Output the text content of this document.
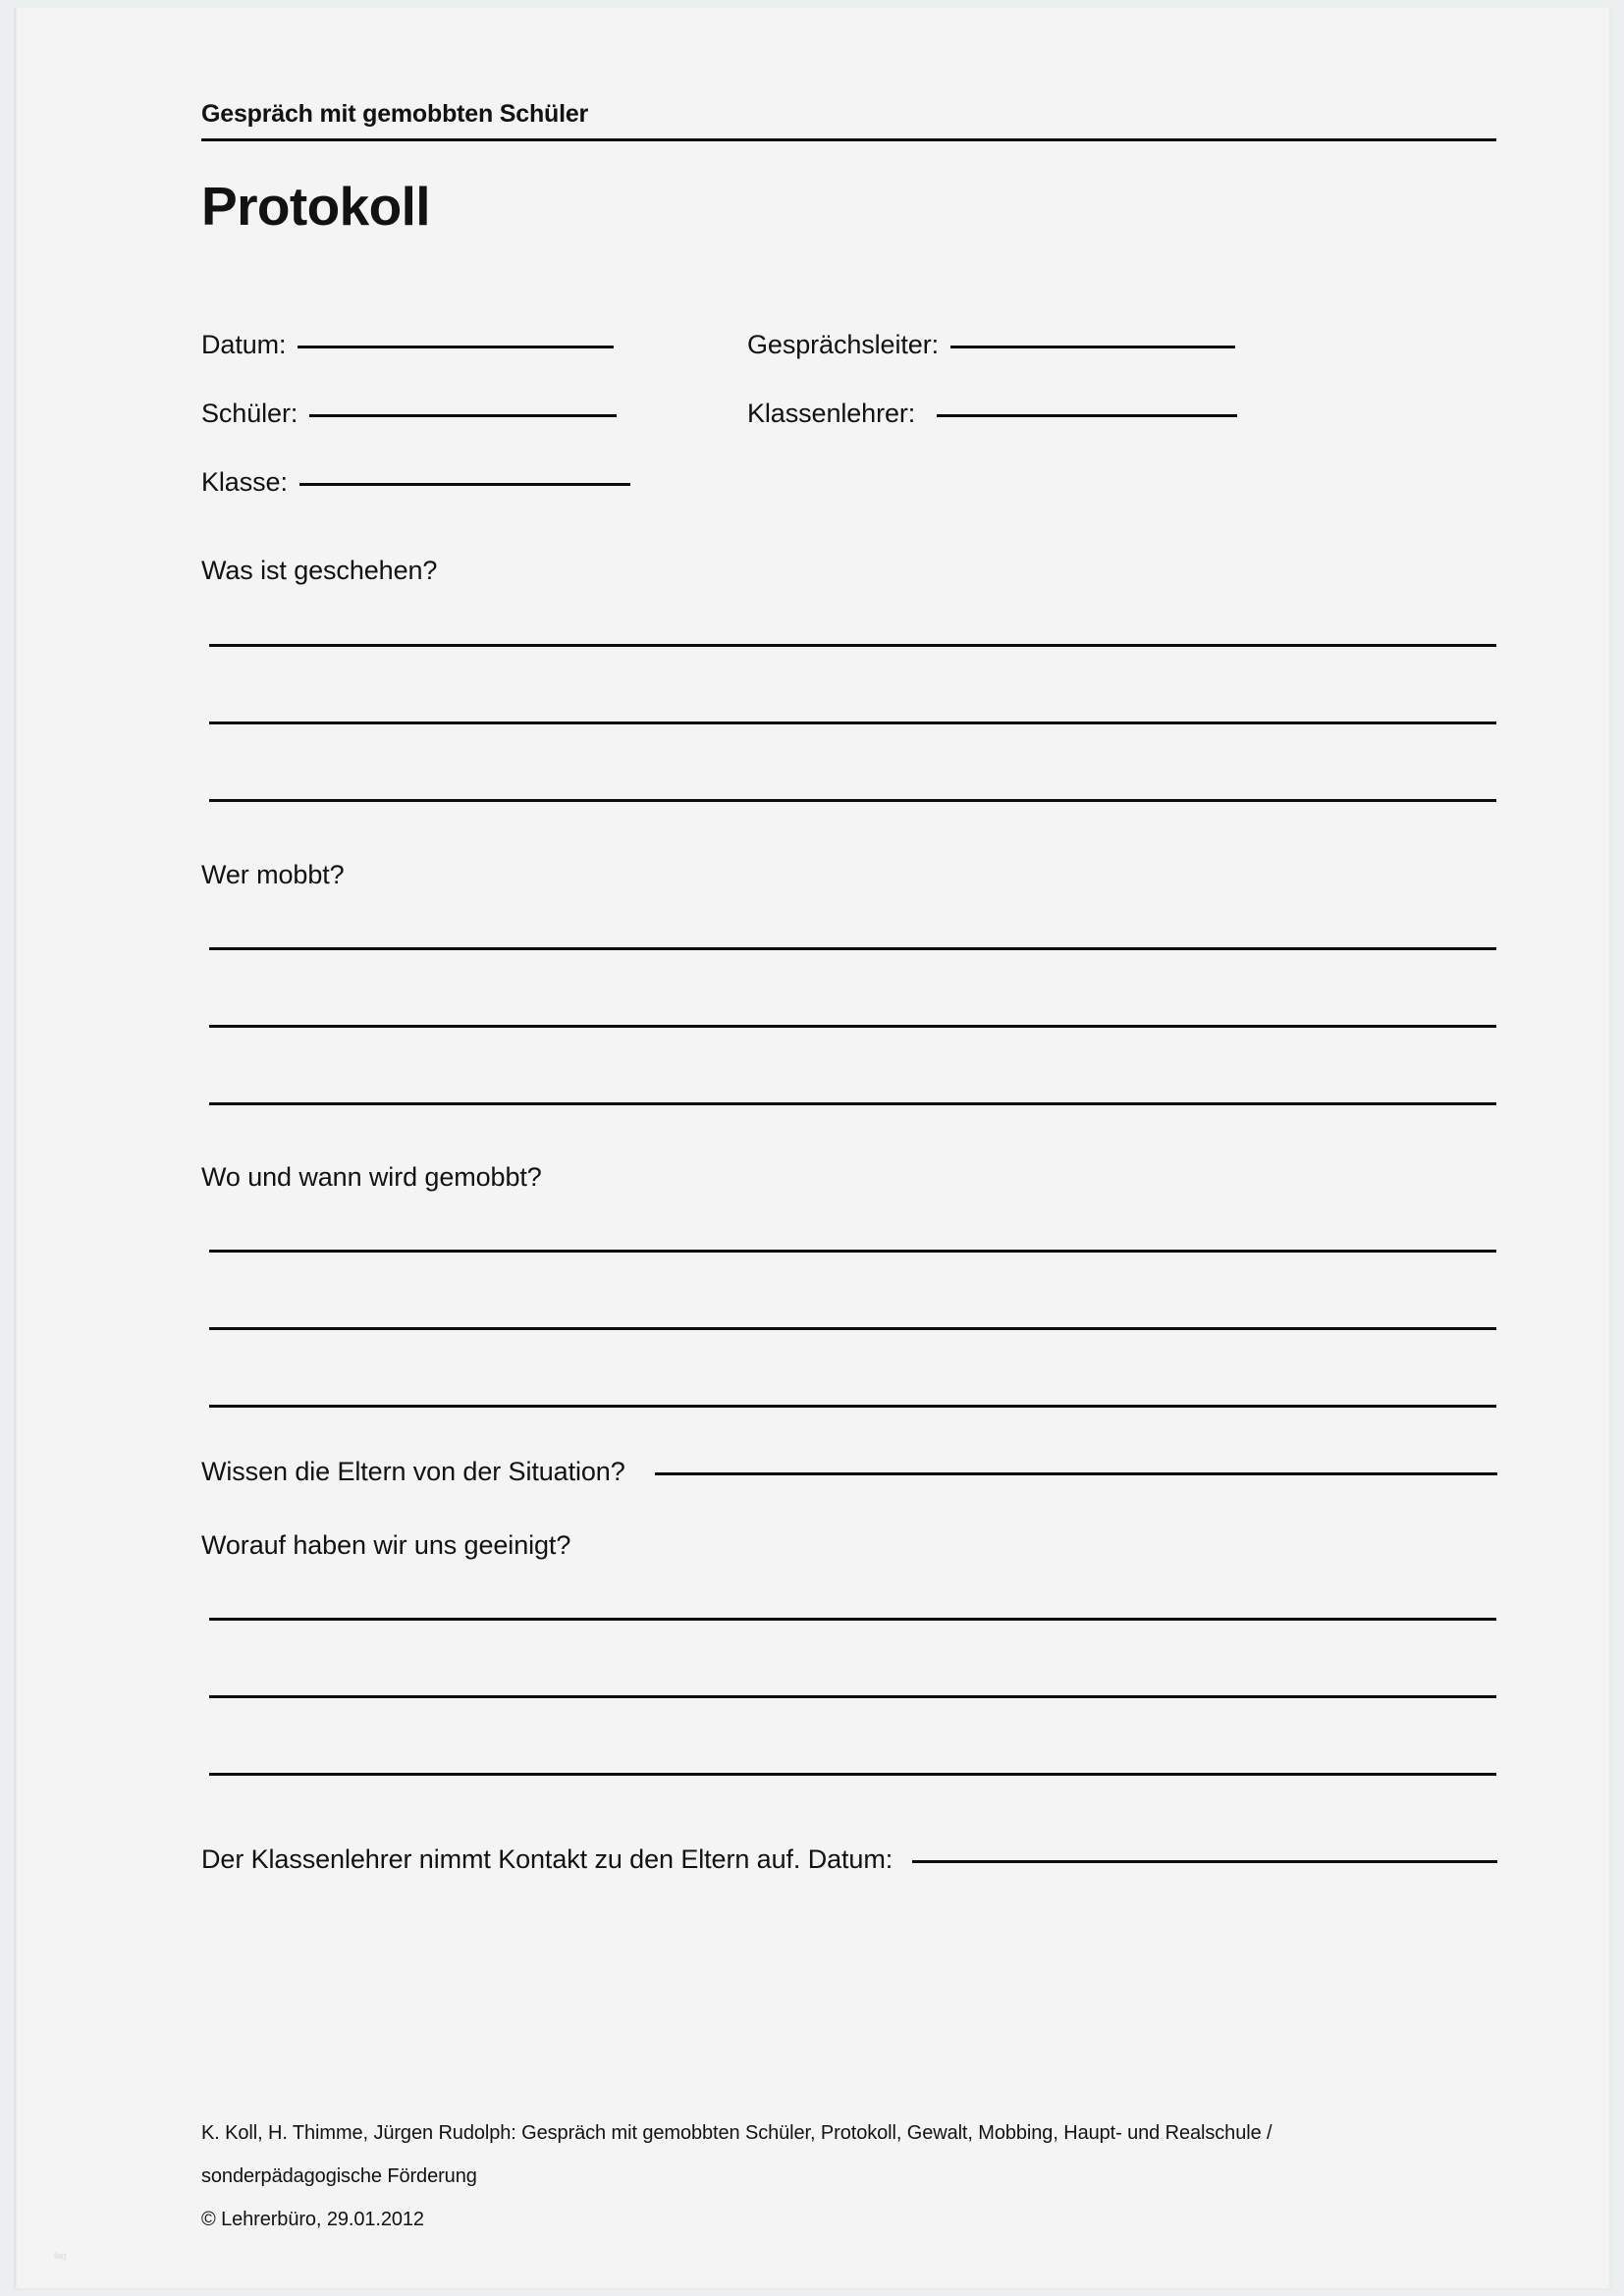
Gespräch mit gemobbten Schüler
Protokoll
Datum:	Gesprächsleiter:
Schüler:	Klassenlehrer:
Klasse:
Was ist geschehen?
Wer mobbt?
Wo und wann wird gemobbt?
Wissen die Eltern von der Situation?
Worauf haben wir uns geeinigt?
Der Klassenlehrer nimmt Kontakt zu den Eltern auf. Datum:
K. Koll, H. Thimme, Jürgen Rudolph: Gespräch mit gemobbten Schüler, Protokoll, Gewalt, Mobbing, Haupt- und Realschule /
sonderpädagogische Förderung
© Lehrerbüro, 29.01.2012
llag
